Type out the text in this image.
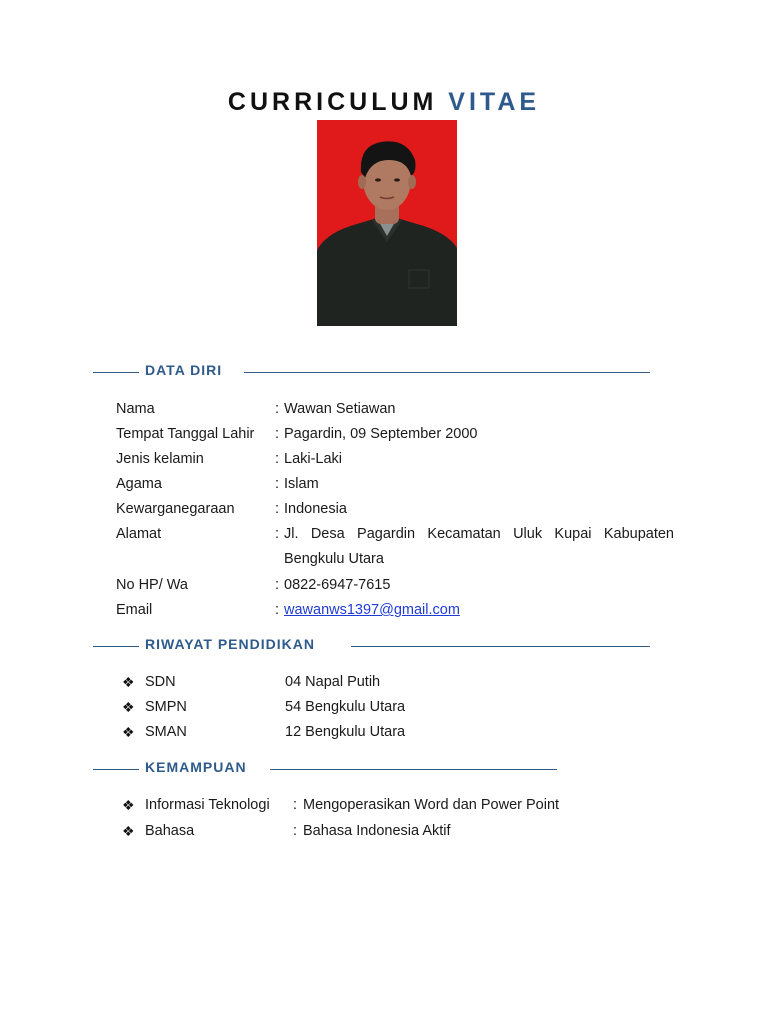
CURRICULUM VITAE
DATA DIRI
Nama	: Wawan Setiawan
Tempat Tanggal Lahir : Pagardin, 09 September 2000
Jenis kelamin	: Laki-Laki
Agama	: Islam
Kewarganegaraan	: Indonesia
Alamat	: Jl. Desa Pagardin Kecamatan Uluk Kupai Kabupaten
Bengkulu Utara
No HP/ Wa	: 0822-6947-7615
Email	: wawanws1397@gmail.com
RIWAYAT PENDIDIKAN
❖ SDN	04 Napal Putih
❖ SMPN	54 Bengkulu Utara
❖ SMAN	12 Bengkulu Utara
KEMAMPUAN
❖ Informasi Teknologi : Mengoperasikan Word dan Power Point
❖ Bahasa	: Bahasa Indonesia Aktif
